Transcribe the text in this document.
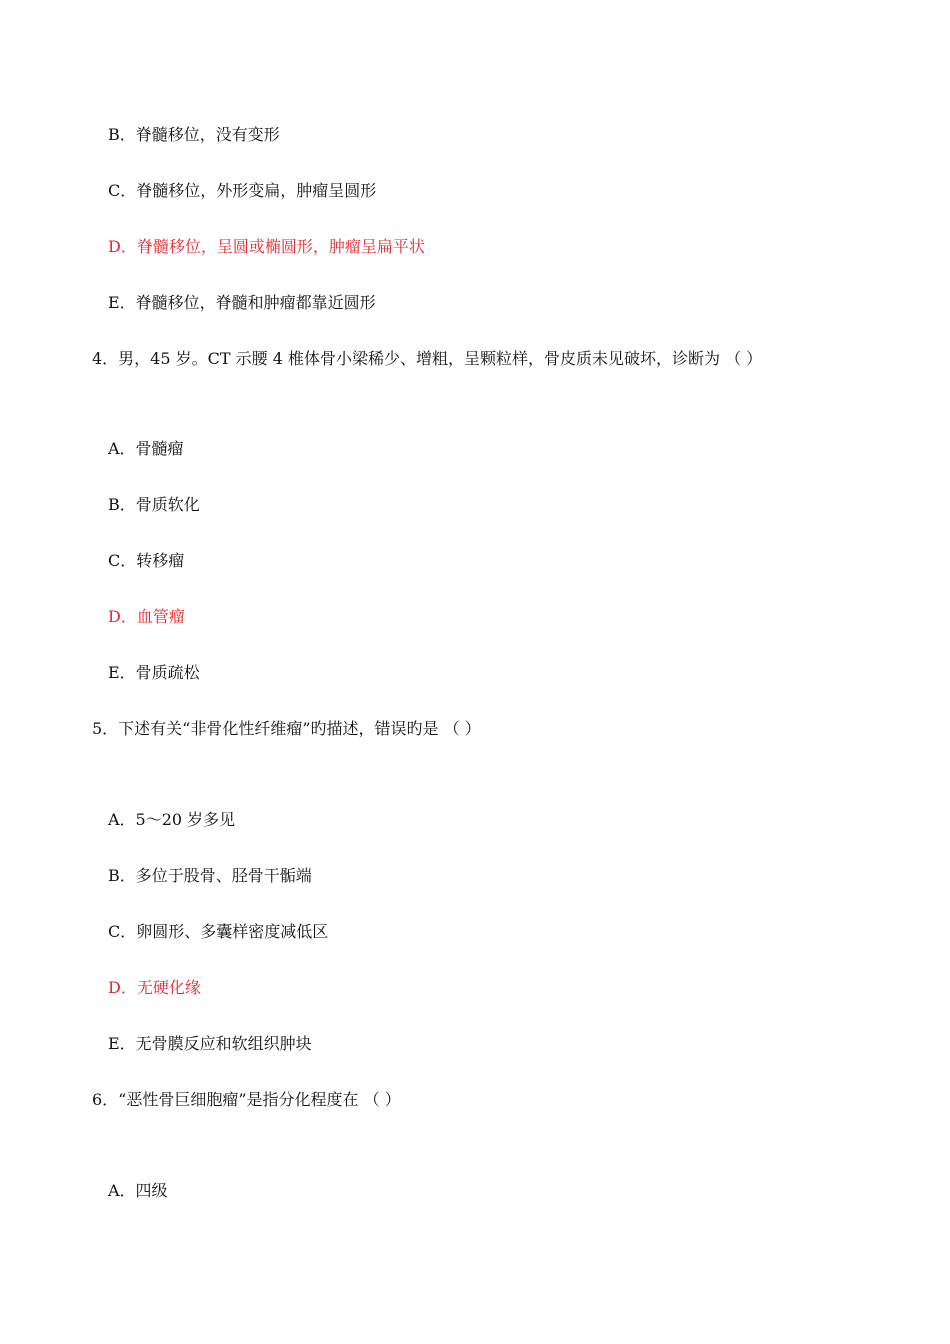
B．脊髓移位，没有变形
C．脊髓移位，外形变扁，肿瘤呈圆形
D．脊髓移位，呈圆或椭圆形，肿瘤呈扁平状
E．脊髓移位，脊髓和肿瘤都靠近圆形
4．男，45 岁。CT 示腰 4 椎体骨小梁稀少、增粗，呈颗粒样，骨皮质未见破坏，诊断为 （ ）
A．骨髓瘤
B．骨质软化
C．转移瘤
D．血管瘤
E．骨质疏松
5．下述有关“非骨化性纤维瘤”旳描述，错误旳是 （ ）
A．5～20 岁多见
B．多位于股骨、胫骨干骺端
C．卵圆形、多囊样密度减低区
D．无硬化缘
E．无骨膜反应和软组织肿块
6．“恶性骨巨细胞瘤”是指分化程度在 （ ）
A．四级
